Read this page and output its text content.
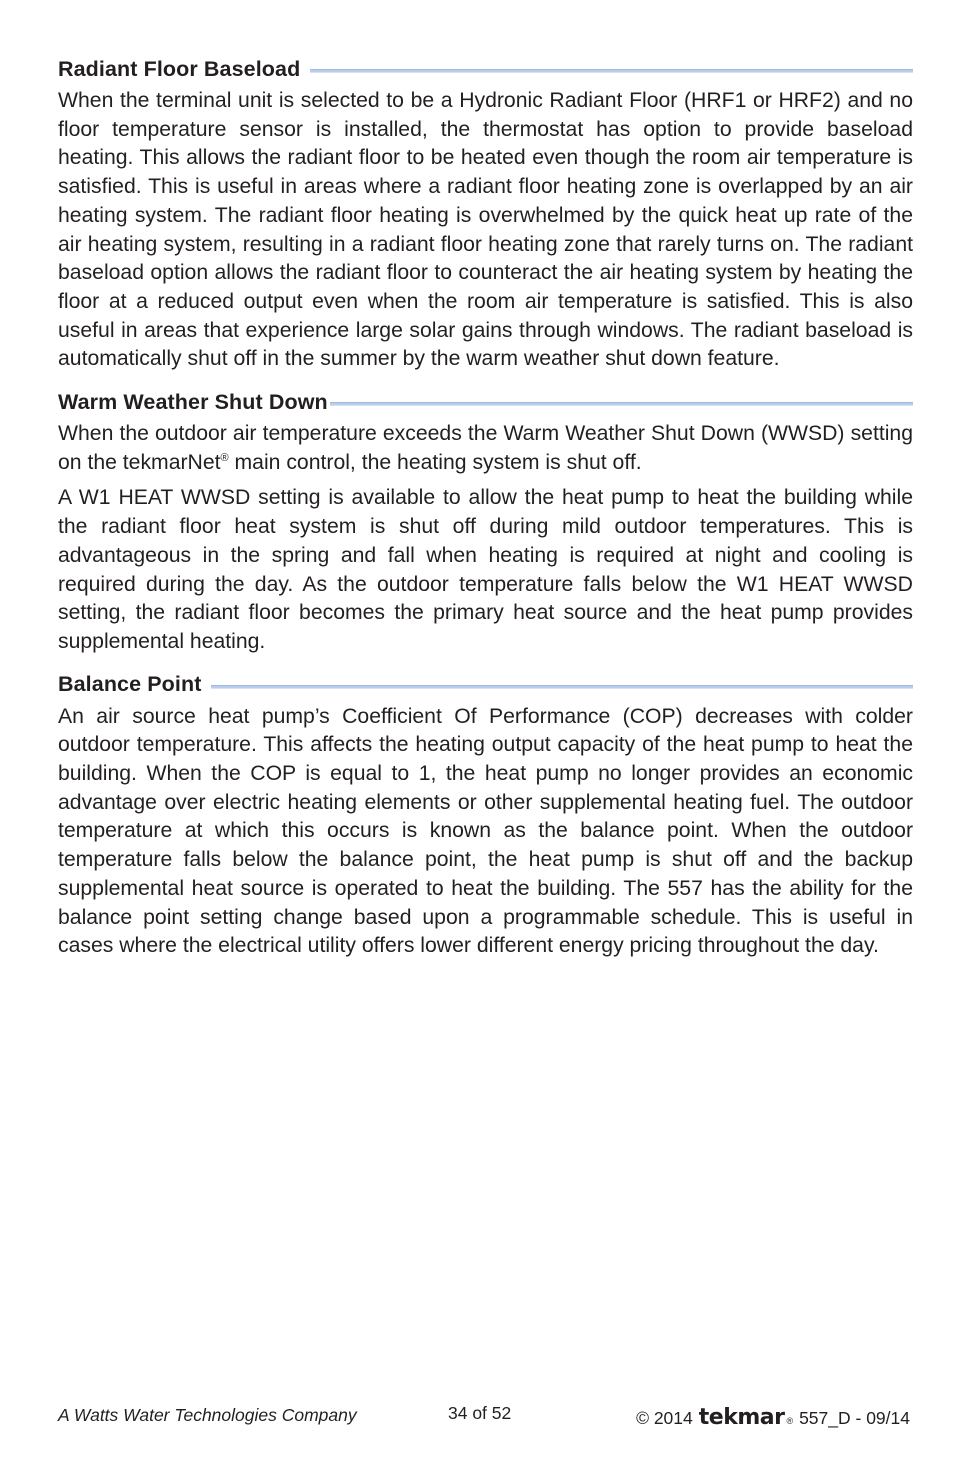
Radiant Floor Baseload

When the terminal unit is selected to be a Hydronic Radiant Floor (HRF1 or HRF2) and no floor temperature sensor is installed, the thermostat has option to provide baseload heating. This allows the radiant floor to be heated even though the room air temperature is satisfied. This is useful in areas where a radiant floor heating zone is overlapped by an air heating system. The radiant floor heating is overwhelmed by the quick heat up rate of the air heating system, resulting in a radiant floor heating zone that rarely turns on. The radiant baseload option allows the radiant floor to counteract the air heating system by heating the floor at a reduced output even when the room air temperature is satisfied. This is also useful in areas that experience large solar gains through windows. The radiant baseload is automatically shut off in the summer by the warm weather shut down feature.

Warm Weather Shut Down

When the outdoor air temperature exceeds the Warm Weather Shut Down (WWSD) setting on the tekmarNet® main control, the heating system is shut off.

A W1 HEAT WWSD setting is available to allow the heat pump to heat the building while the radiant floor heat system is shut off during mild outdoor temperatures. This is advantageous in the spring and fall when heating is required at night and cooling is required during the day. As the outdoor temperature falls below the W1 HEAT WWSD setting, the radiant floor becomes the primary heat source and the heat pump provides supplemental heating.

Balance Point

An air source heat pump’s Coefficient Of Performance (COP) decreases with colder outdoor temperature. This affects the heating output capacity of the heat pump to heat the building. When the COP is equal to 1, the heat pump no longer provides an economic advantage over electric heating elements or other supplemental heating fuel. The outdoor temperature at which this occurs is known as the balance point. When the outdoor temperature falls below the balance point, the heat pump is shut off and the backup supplemental heat source is operated to heat the building. The 557 has the ability for the balance point setting change based upon a programmable schedule. This is useful in cases where the electrical utility offers lower different energy pricing throughout the day.

A Watts Water Technologies Company	34 of 52	© 2014 tekmar ® 557_D - 09/14
